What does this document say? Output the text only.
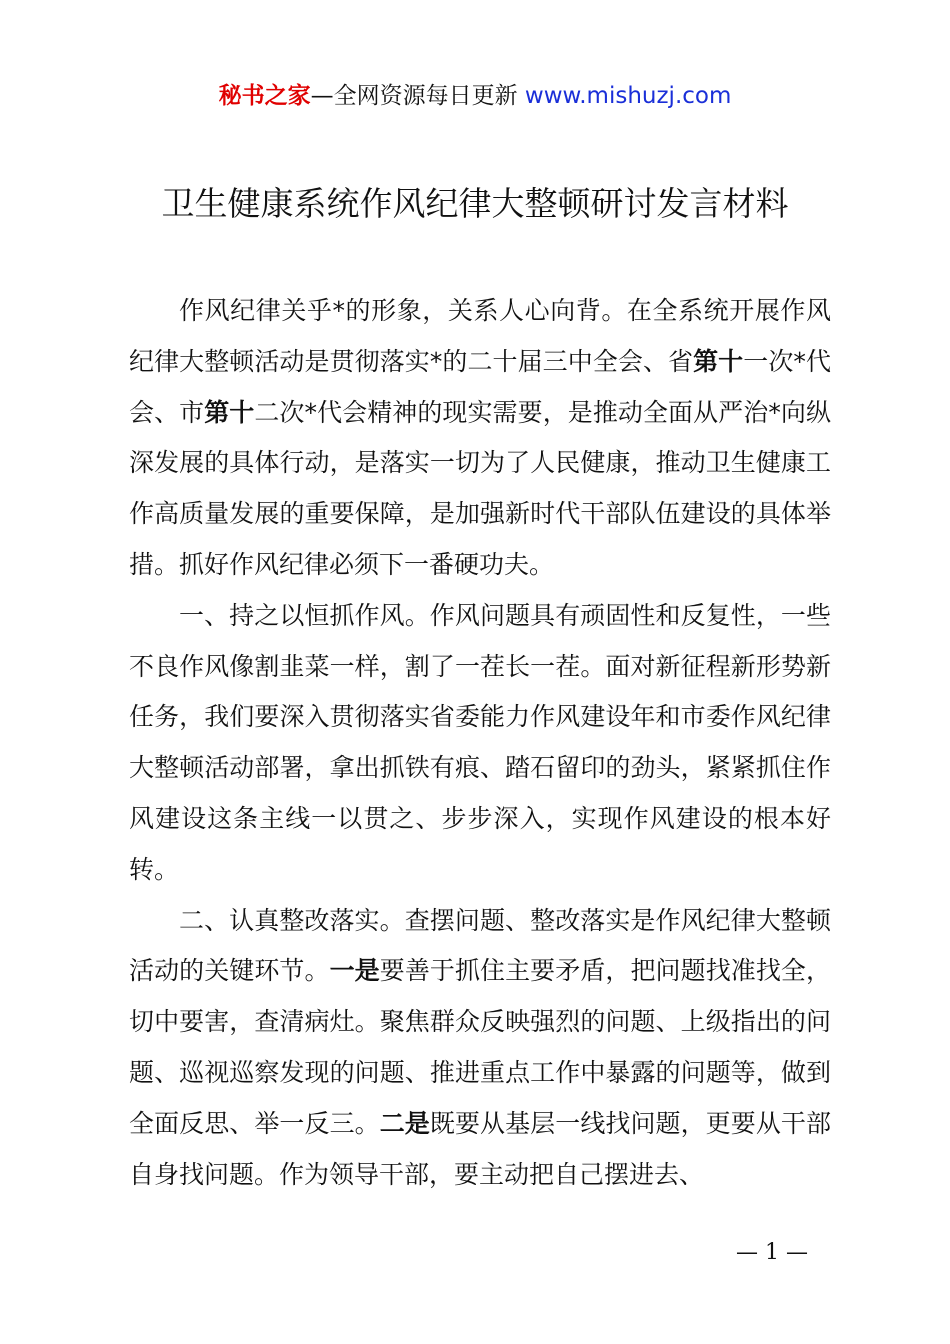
秘书之家—全网资源每日更新 www.mishuzj.com
卫生健康系统作风纪律大整顿研讨发言材料

作风纪律关乎*的形象，关系人心向背。在全系统开展作风纪律大整顿活动是贯彻落实*的二十届三中全会、省第十一次*代会、市第十二次*代会精神的现实需要，是推动全面从严治*向纵深发展的具体行动，是落实一切为了人民健康，推动卫生健康工作高质量发展的重要保障，是加强新时代干部队伍建设的具体举措。抓好作风纪律必须下一番硬功夫。

一、持之以恒抓作风。作风问题具有顽固性和反复性，一些不良作风像割韭菜一样，割了一茬长一茬。面对新征程新形势新任务，我们要深入贯彻落实省委能力作风建设年和市委作风纪律大整顿活动部署，拿出抓铁有痕、踏石留印的劲头，紧紧抓住作风建设这条主线一以贯之、步步深入，实现作风建设的根本好转。

二、认真整改落实。查摆问题、整改落实是作风纪律大整顿活动的关键环节。一是要善于抓住主要矛盾，把问题找准找全，切中要害，查清病灶。聚焦群众反映强烈的问题、上级指出的问题、巡视巡察发现的问题、推进重点工作中暴露的问题等，做到全面反思、举一反三。二是既要从基层一线找问题，更要从干部自身找问题。作为领导干部，要主动把自己摆进去、

— 1 —
